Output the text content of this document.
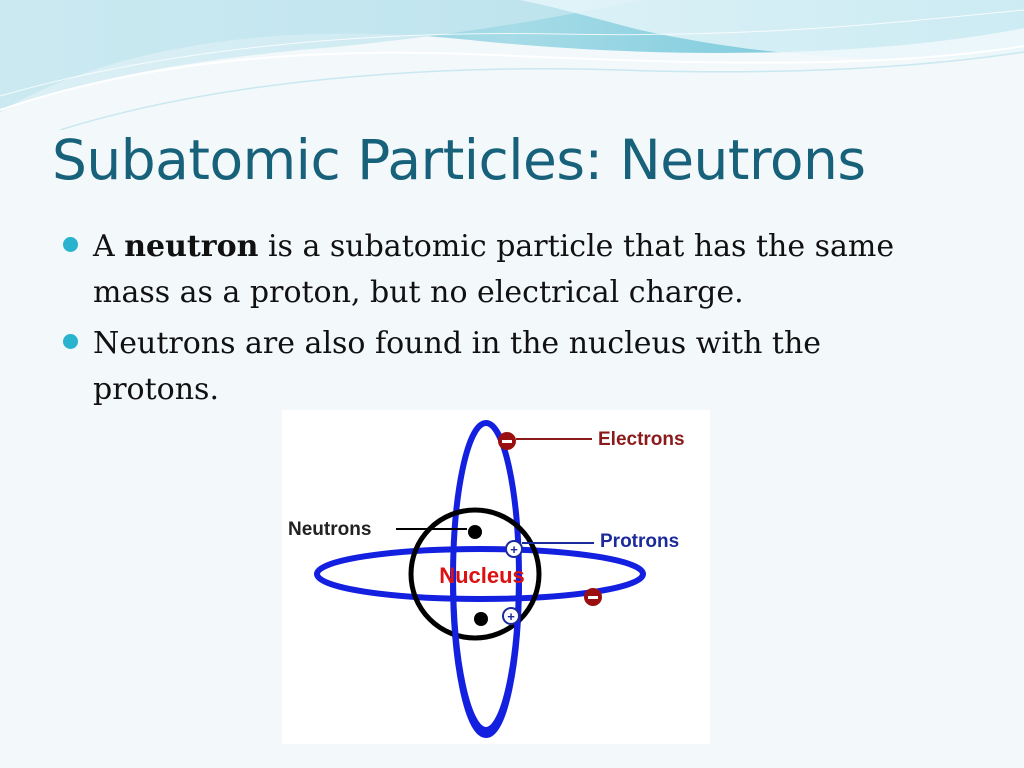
Subatomic Particles: Neutrons
A neutron is a subatomic particle that has the same mass as a proton, but no electrical charge.
Neutrons are also found in the nucleus with the protons.
Nucleus
+
+
Electrons
Neutrons
Protrons
